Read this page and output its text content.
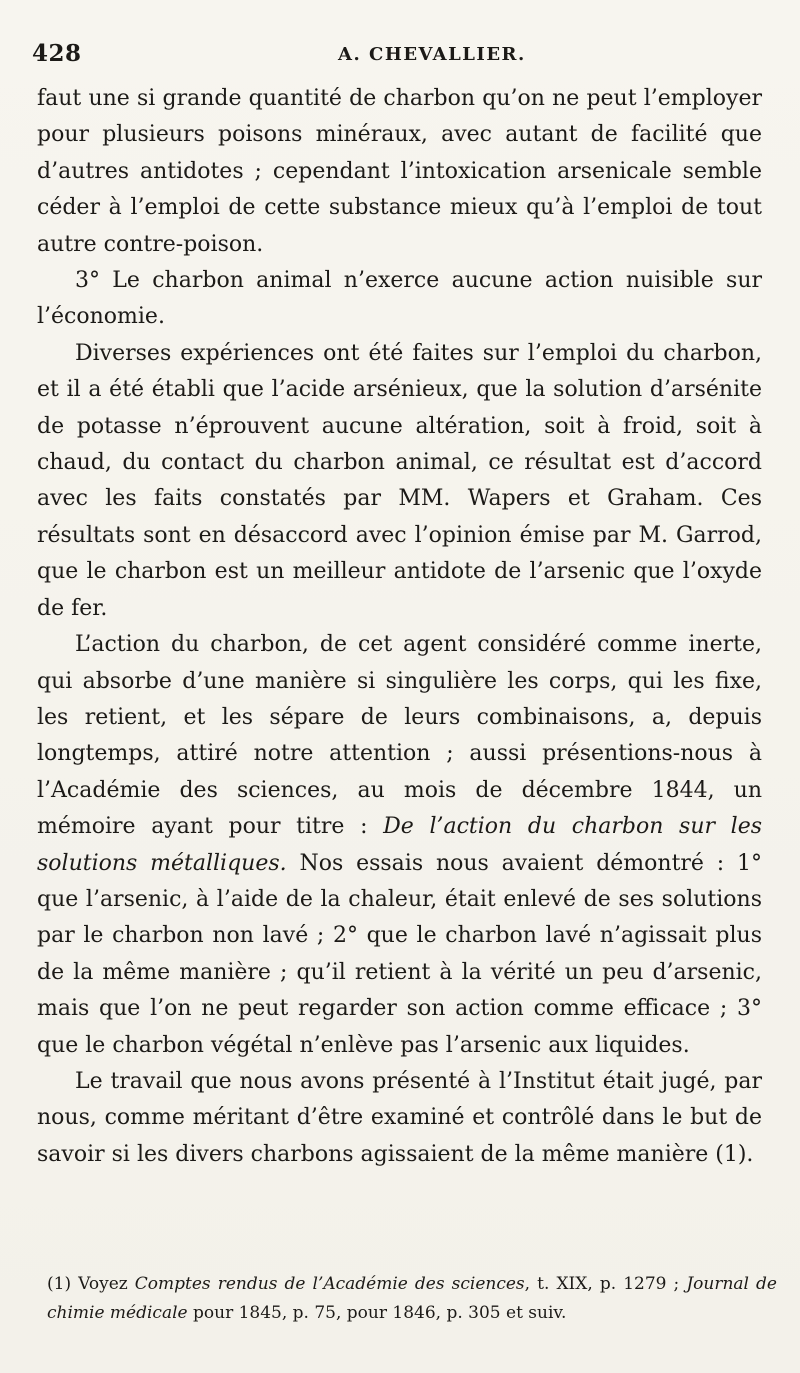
428	A. CHEVALLIER.

faut une si grande quantité de charbon qu’on ne peut l’employer pour plusieurs poisons minéraux, avec autant de facilité que d’autres antidotes ; cependant l’intoxication arsenicale semble céder à l’emploi de cette substance mieux qu’à l’emploi de tout autre contre-poison.

3° Le charbon animal n’exerce aucune action nuisible sur l’économie.

Diverses expériences ont été faites sur l’emploi du charbon, et il a été établi que l’acide arsénieux, que la solution d’arsénite de potasse n’éprouvent aucune altération, soit à froid, soit à chaud, du contact du charbon animal, ce résultat est d’accord avec les faits constatés par MM. Wapers et Graham. Ces résultats sont en désaccord avec l’opinion émise par M. Garrod, que le charbon est un meilleur antidote de l’arsenic que l’oxyde de fer.

L’action du charbon, de cet agent considéré comme inerte, qui absorbe d’une manière si singulière les corps, qui les fixe, les retient, et les sépare de leurs combinaisons, a, depuis longtemps, attiré notre attention ; aussi présentions-nous à l’Académie des sciences, au mois de décembre 1844, un mémoire ayant pour titre : De l’action du charbon sur les solutions métalliques. Nos essais nous avaient démontré : 1° que l’arsenic, à l’aide de la chaleur, était enlevé de ses solutions par le charbon non lavé ; 2° que le charbon lavé n’agissait plus de la même manière ; qu’il retient à la vérité un peu d’arsenic, mais que l’on ne peut regarder son action comme efficace ; 3° que le charbon végétal n’enlève pas l’arsenic aux liquides.

Le travail que nous avons présenté à l’Institut était jugé, par nous, comme méritant d’être examiné et contrôlé dans le but de savoir si les divers charbons agissaient de la même manière (1).

(1) Voyez Comptes rendus de l’Académie des sciences, t. XIX, p. 1279 ; Journal de chimie médicale pour 1845, p. 75, pour 1846, p. 305 et suiv.
